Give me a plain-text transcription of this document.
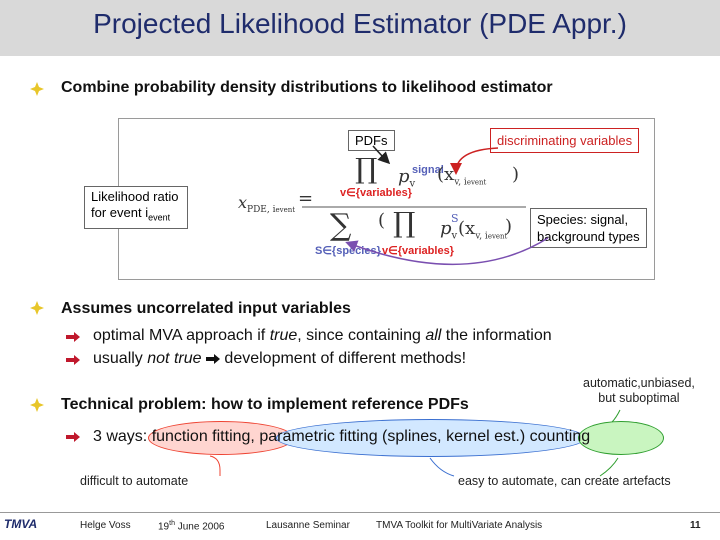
Projected Likelihood Estimator (PDE Appr.)
Combine probability density distributions to likelihood estimator
PDFs	discriminating variables
Likelihood ratio
for event $i_{event}$	Species: signal,
background types
$x_{PDE, ievent}$
=
∏
v∈{variables}
$p_v$
signal
($x_{v, ievent}$ )
∑
S∈{species}
( ∏
v∈{variables}
$p_v$
S ($x_{v, ievent}$
)
Assumes uncorrelated input variables
optimal MVA approach if true, since containing all the information
usually not true  development of different methods!
Technical problem: how to implement reference PDFs
automatic,unbiased,
but suboptimal
3 ways: function fitting, parametric fitting (splines, kernel est.) counting
difficult to automate	easy to automate, can create artefacts
TMVA	Helge Voss	19th June 2006	Lausanne Seminar	TMVA Toolkit for MultiVariate Analysis	11
